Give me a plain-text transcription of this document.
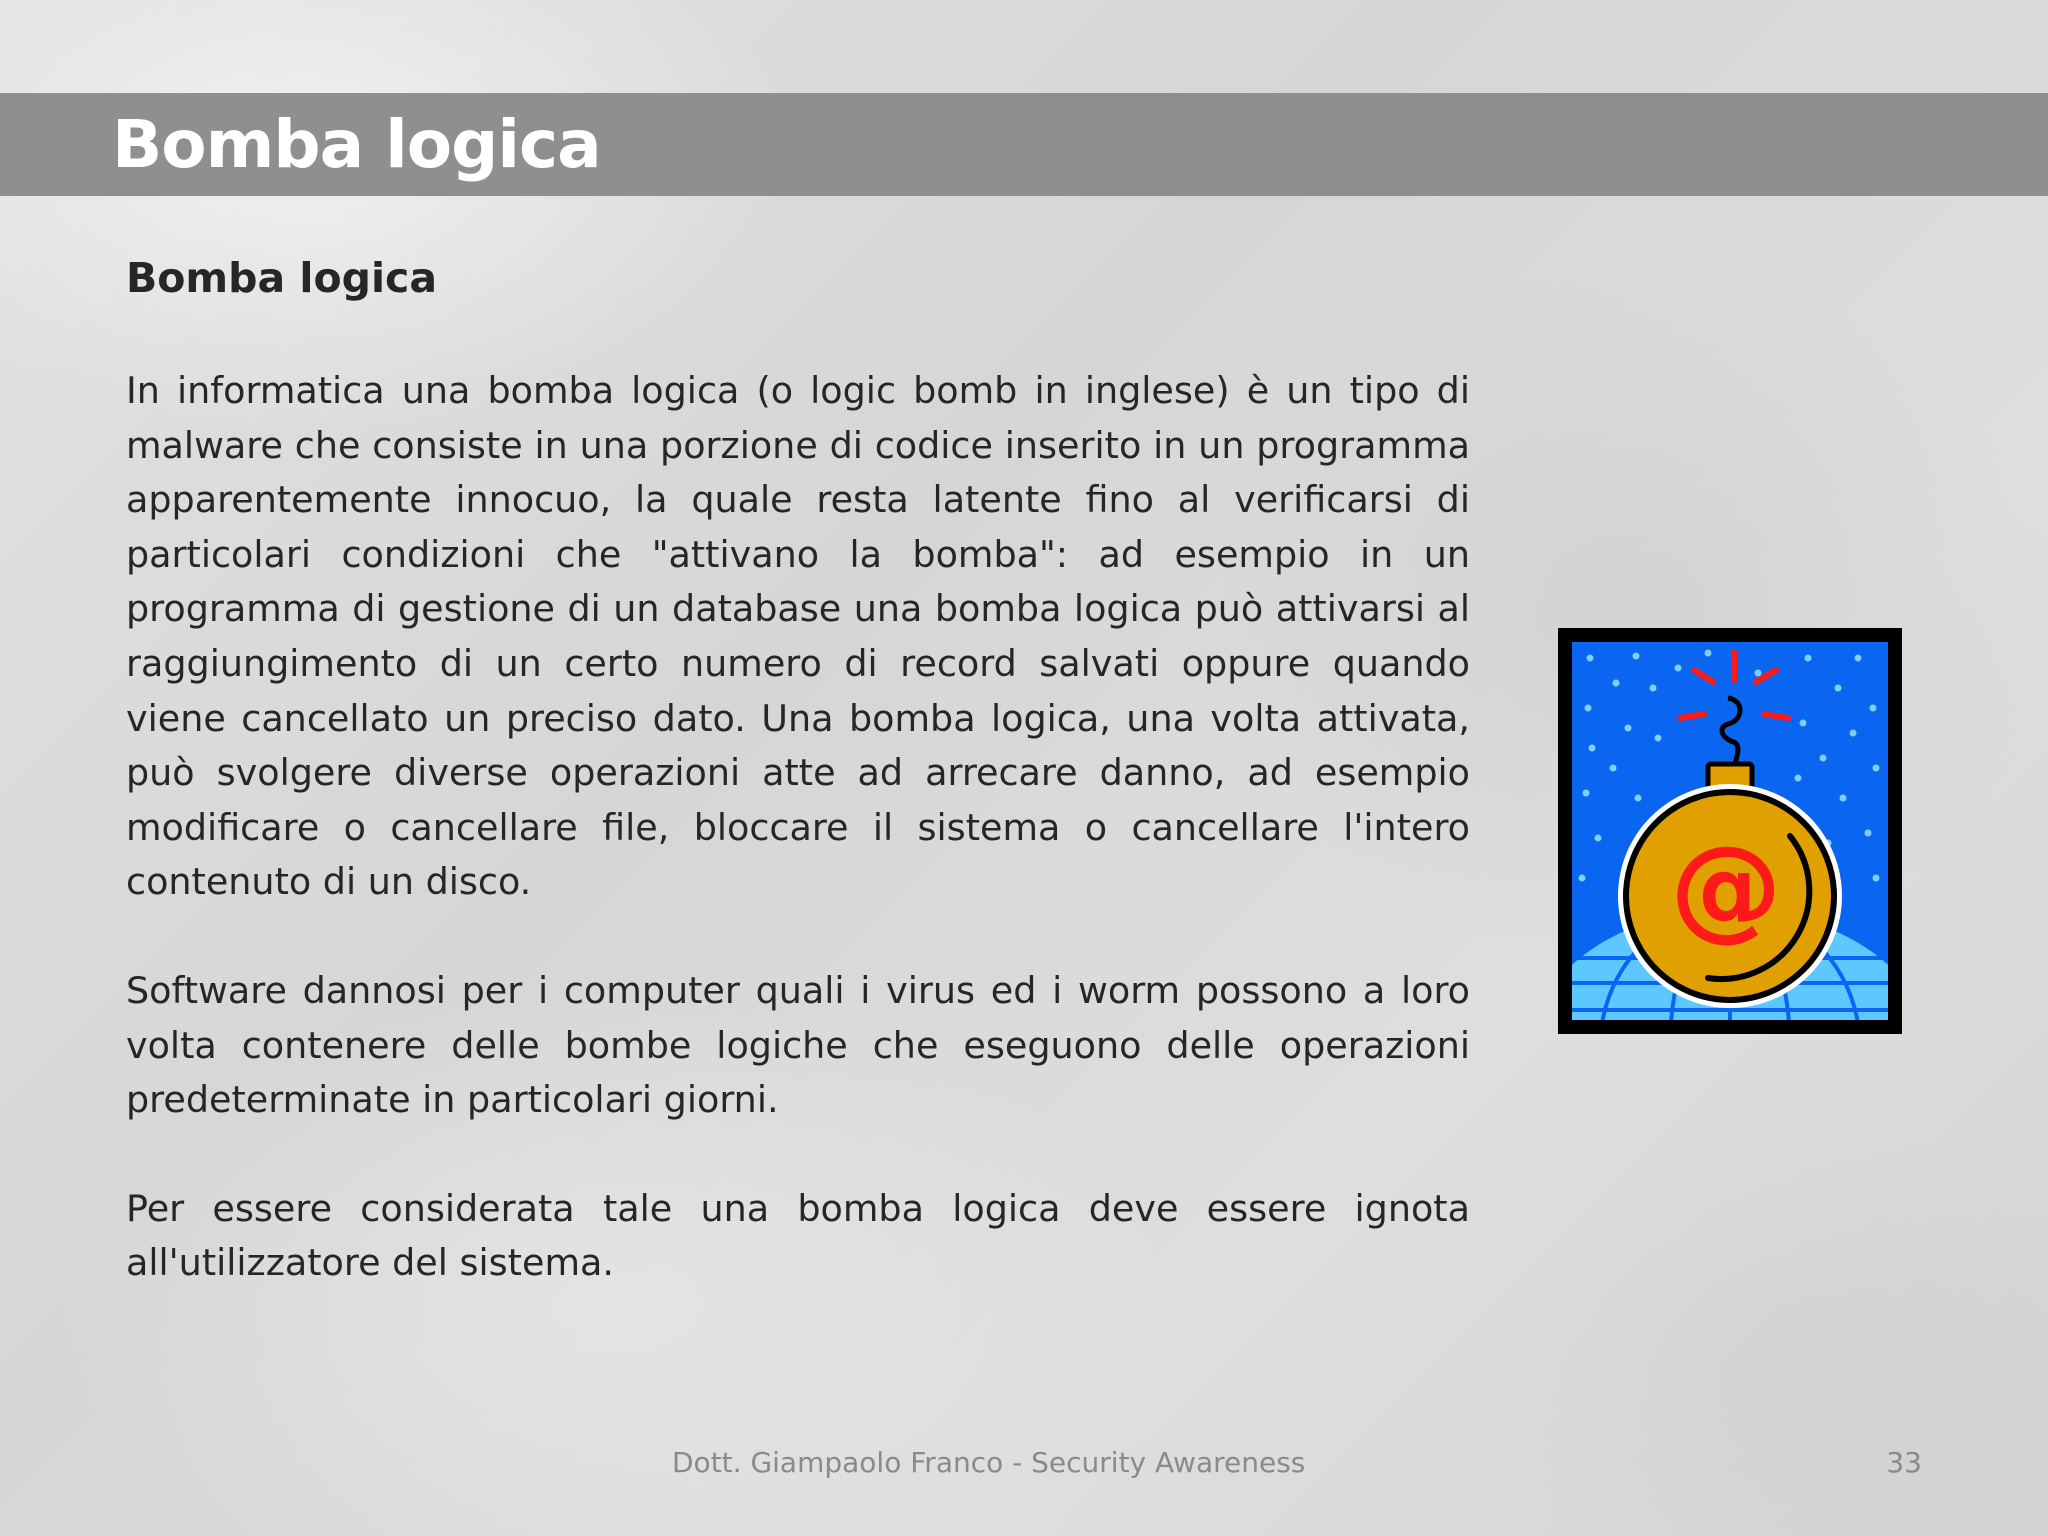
Bomba logica
Bomba logica

In informatica una bomba logica (o logic bomb in inglese) è un tipo di malware che consiste in una porzione di codice inserito in un programma apparentemente innocuo, la quale resta latente fino al verificarsi di particolari condizioni che "attivano la bomba": ad esempio in un programma di gestione di un database una bomba logica può attivarsi al raggiungimento di un certo numero di record salvati oppure quando viene cancellato un preciso dato. Una bomba logica, una volta attivata, può svolgere diverse operazioni atte ad arrecare danno, ad esempio modificare o cancellare file, bloccare il sistema o cancellare l'intero contenuto di un disco.

Software dannosi per i computer quali i virus ed i worm possono a loro volta contenere delle bombe logiche che eseguono delle operazioni predeterminate in particolari giorni.

Per essere considerata tale una bomba logica deve essere ignota all'utilizzatore del sistema.

@
Dott. Giampaolo Franco - Security Awareness	33
